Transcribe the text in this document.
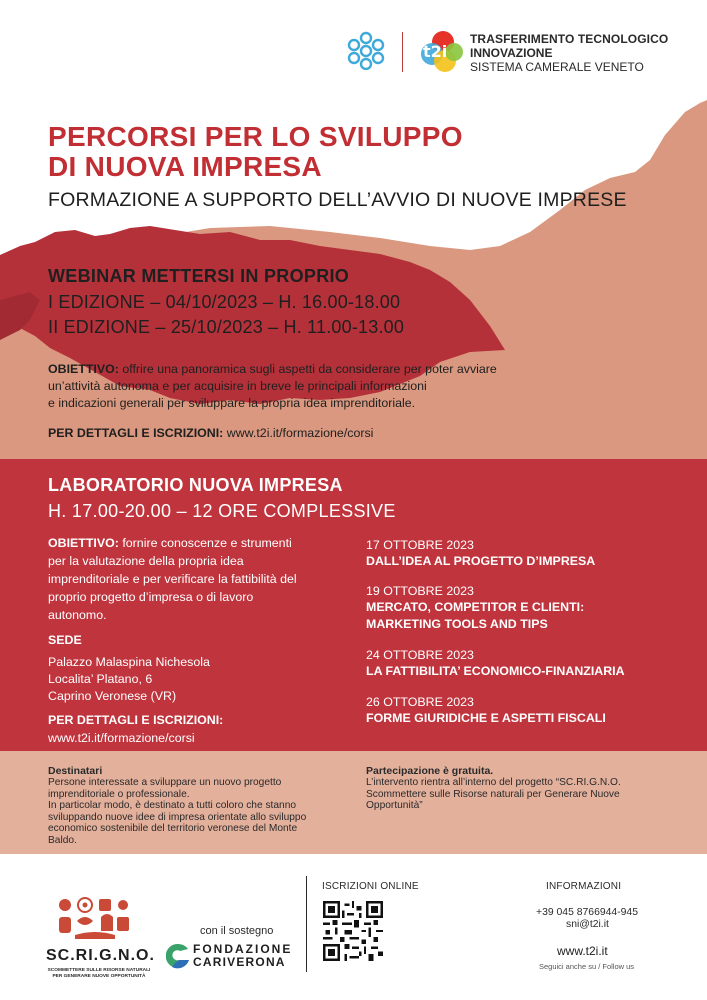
t2i
TRASFERIMENTO TECNOLOGICO
INNOVAZIONE
SISTEMA CAMERALE VENETO
PERCORSI PER LO SVILUPPO
DI NUOVA IMPRESA
FORMAZIONE A SUPPORTO DELL’AVVIO DI NUOVE IMPRESE
WEBINAR METTERSI IN PROPRIO
I EDIZIONE – 04/10/2023 – H. 16.00-18.00
II EDIZIONE – 25/10/2023 – H. 11.00-13.00
OBIETTIVO: offrire una panoramica sugli aspetti da considerare per poter avviare
un’attività autonoma e per acquisire in breve le principali informazioni
e indicazioni generali per sviluppare la propria idea imprenditoriale.
PER DETTAGLI E ISCRIZIONI: www.t2i.it/formazione/corsi
LABORATORIO NUOVA IMPRESA
H. 17.00-20.00 – 12 ORE COMPLESSIVE
OBIETTIVO: fornire conoscenze e strumenti
per la valutazione della propria idea
imprenditoriale e per verificare la fattibilità del
proprio progetto d’impresa o di lavoro
autonomo.
SEDE
Palazzo Malaspina Nichesola
Localita’ Platano, 6
Caprino Veronese (VR)
PER DETTAGLI E ISCRIZIONI:
www.t2i.it/formazione/corsi
17 OTTOBRE 2023
DALL’IDEA AL PROGETTO D’IMPRESA
19 OTTOBRE 2023
MERCATO, COMPETITOR E CLIENTI:
MARKETING TOOLS AND TIPS
24 OTTOBRE 2023
LA FATTIBILITA’ ECONOMICO-FINANZIARIA
26 OTTOBRE 2023
FORME GIURIDICHE E ASPETTI FISCALI
Destinatari
Persone interessate a sviluppare un nuovo progetto
imprenditoriale o professionale.
In particolar modo, è destinato a tutti coloro che stanno
sviluppando nuove idee di impresa orientate allo sviluppo
economico sostenibile del territorio veronese del Monte
Baldo.
Partecipazione è gratuita.
L’intervento rientra all’interno del progetto “SC.RI.G.N.O.
Scommettere sulle Risorse naturali per Generare Nuove
Opportunità”
SC.RI.G.N.O.
SCOMMETTERE SULLE RISORSE NATURALI
PER GENERARE NUOVE OPPORTUNITÀ
con il sostegno
FONDAZIONE
CARIVERONA
ISCRIZIONI ONLINE	INFORMAZIONI
+39 045 8766944-945
sni@t2i.it
www.t2i.it
Seguici anche su / Follow us
